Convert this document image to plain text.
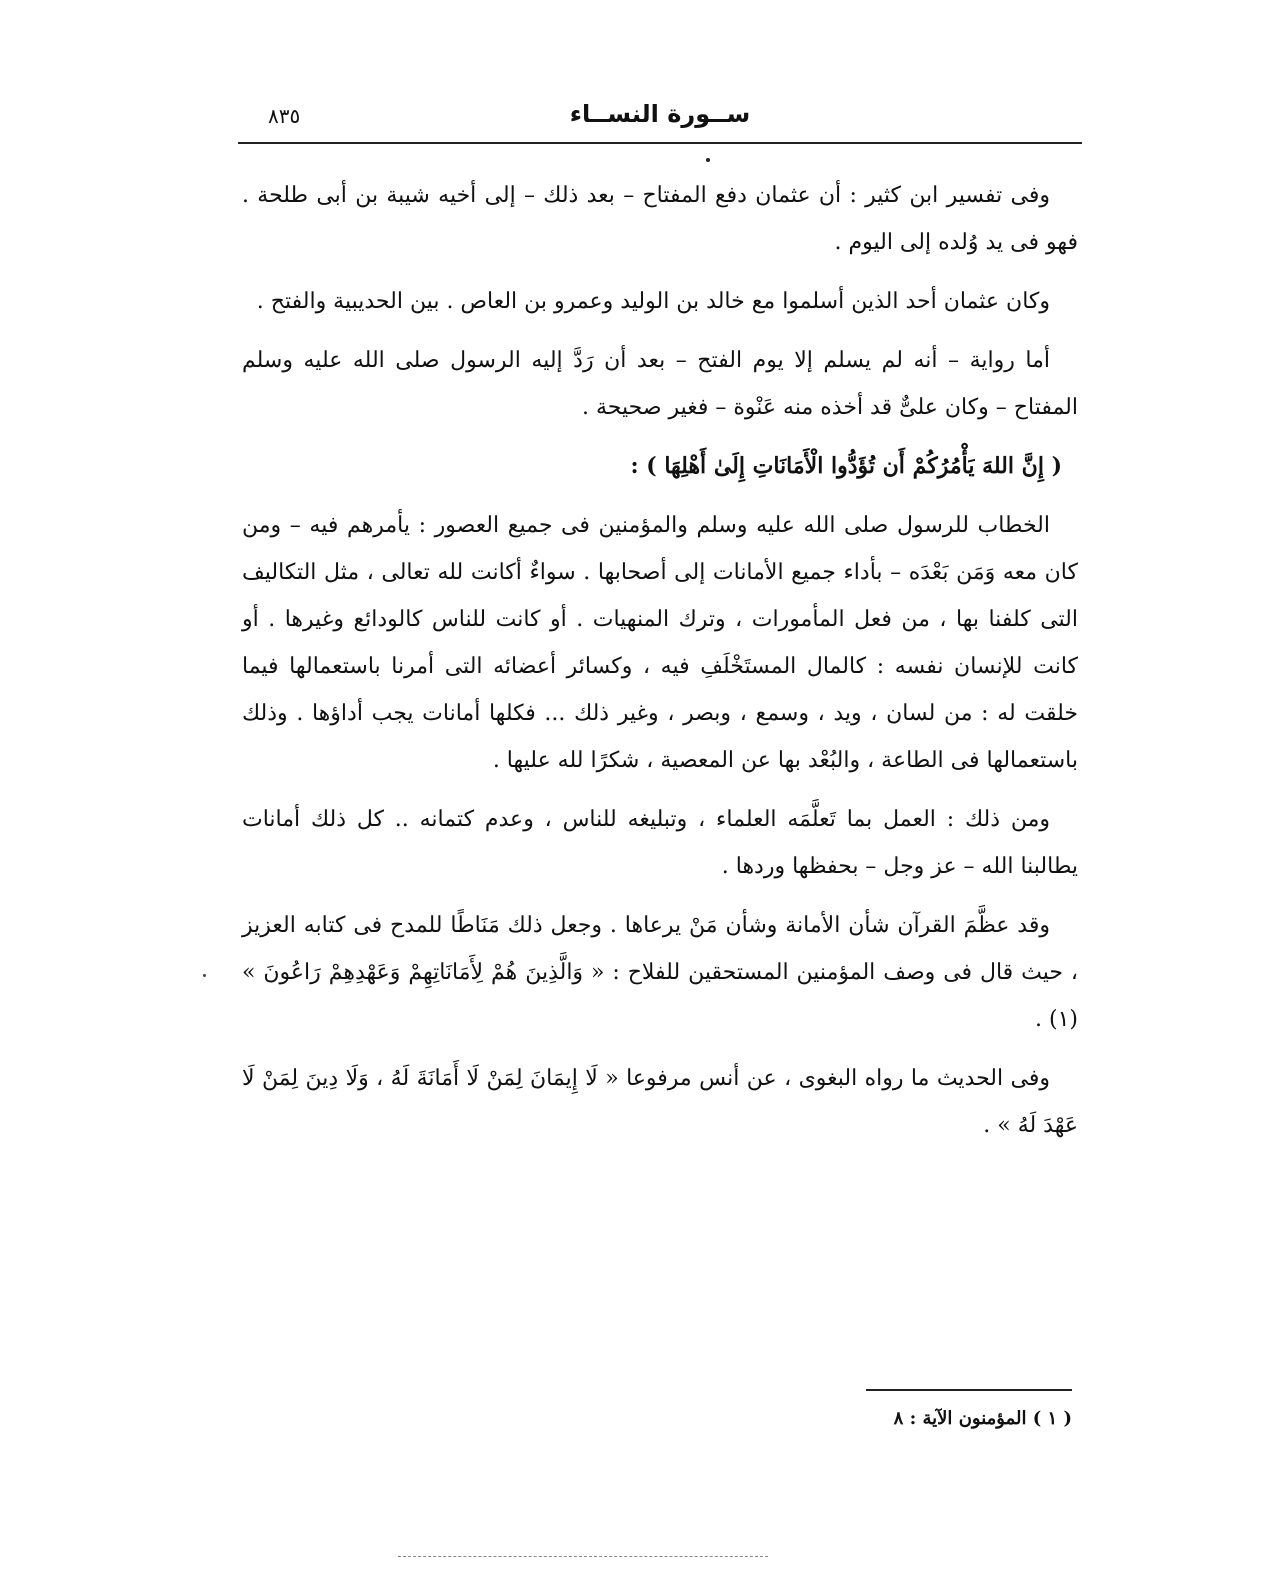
٨٣٥	ســورة النســاء

وفى تفسير ابن كثير : أن عثمان دفع المفتاح – بعد ذلك – إلى أخيه شيبة بن أبى طلحة . فهو فى يد وُلده إلى اليوم .

وكان عثمان أحد الذين أسلموا مع خالد بن الوليد وعمرو بن العاص . بين الحديبية والفتح .

أما رواية – أنه لم يسلم إلا يوم الفتح – بعد أن رَدَّ إليه الرسول صلى الله عليه وسلم المفتاح – وكان علىٌّ قد أخذه منه عَنْوة – فغير صحيحة .

( إِنَّ اللهَ يَأْمُرُكُمْ أَن تُؤَدُّوا الْأَمَانَاتِ إِلَىٰ أَهْلِهَا ) :

الخطاب للرسول صلى الله عليه وسلم والمؤمنين فى جميع العصور : يأمرهم فيه – ومن كان معه وَمَن بَعْدَه – بأداء جميع الأمانات إلى أصحابها . سواءٌ أكانت لله تعالى ، مثل التكاليف التى كلفنا بها ، من فعل المأمورات ، وترك المنهيات . أو كانت للناس كالودائع وغيرها . أو كانت للإنسان نفسه : كالمال المستَخْلَفِ فيه ، وكسائر أعضائه التى أمرنا باستعمالها فيما خلقت له : من لسان ، ويد ، وسمع ، وبصر ، وغير ذلك ... فكلها أمانات يجب أداؤها . وذلك باستعمالها فى الطاعة ، والبُعْد بها عن المعصية ، شكرًا لله عليها .

ومن ذلك : العمل بما تَعلَّمَه العلماء ، وتبليغه للناس ، وعدم كتمانه .. كل ذلك أمانات يطالبنا الله – عز وجل – بحفظها وردها .

وقد عظَّمَ القرآن شأن الأمانة وشأن مَنْ يرعاها . وجعل ذلك مَنَاطًا للمدح فى كتابه العزيز ، حيث قال فى وصف المؤمنين المستحقين للفلاح : « وَالَّذِينَ هُمْ لِأَمَانَاتِهِمْ وَعَهْدِهِمْ رَاعُونَ » (١) .

وفى الحديث ما رواه البغوى ، عن أنس مرفوعا « لَا إِيمَانَ لِمَنْ لَا أَمَانَةَ لَهُ ، وَلَا دِينَ لِمَنْ لَا عَهْدَ لَهُ » .

( ١ ) المؤمنون الآية : ٨
